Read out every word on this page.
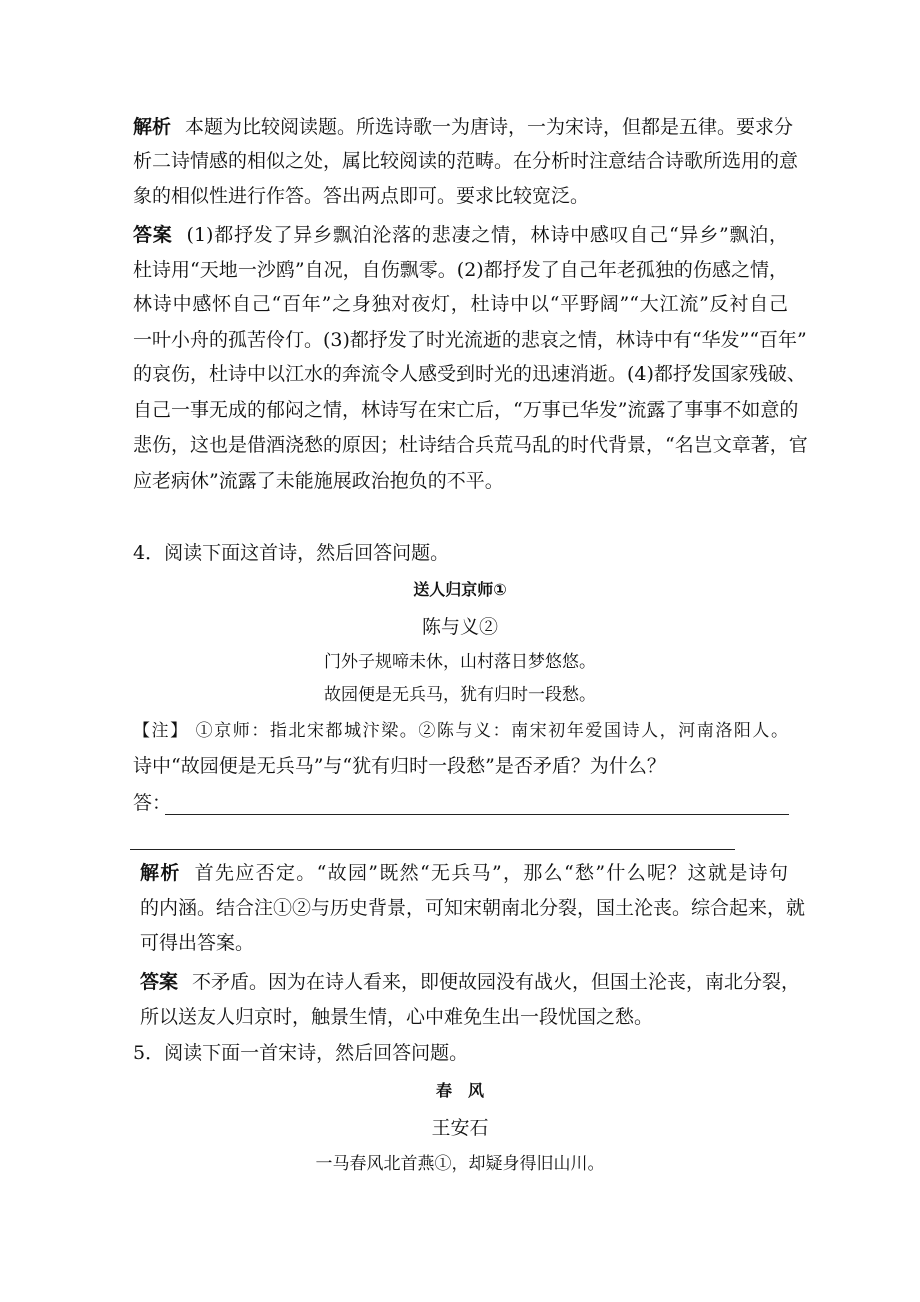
解析 本题为比较阅读题。所选诗歌一为唐诗，一为宋诗，但都是五律。要求分
析二诗情感的相似之处，属比较阅读的范畴。在分析时注意结合诗歌所选用的意
象的相似性进行作答。答出两点即可。要求比较宽泛。
答案 (1)都抒发了异乡飘泊沦落的悲凄之情，林诗中感叹自己“异乡”飘泊，
杜诗用“天地一沙鸥”自况，自伤飘零。(2)都抒发了自己年老孤独的伤感之情，
林诗中感怀自己“百年”之身独对夜灯，杜诗中以“平野阔”“大江流”反衬自己
一叶小舟的孤苦伶仃。(3)都抒发了时光流逝的悲哀之情，林诗中有“华发”“百年”
的哀伤，杜诗中以江水的奔流令人感受到时光的迅速消逝。(4)都抒发国家残破、
自己一事无成的郁闷之情，林诗写在宋亡后，“万事已华发”流露了事事不如意的
悲伤，这也是借酒浇愁的原因；杜诗结合兵荒马乱的时代背景，“名岂文章著，官
应老病休”流露了未能施展政治抱负的不平。
4．阅读下面这首诗，然后回答问题。
送人归京师①
陈与义②
门外子规啼未休，山村落日梦悠悠。
故园便是无兵马，犹有归时一段愁。
【注】 ①京师：指北宋都城汴梁。②陈与义：南宋初年爱国诗人，河南洛阳人。
诗中“故园便是无兵马”与“犹有归时一段愁”是否矛盾？为什么？
答：
解析 首先应否定。“故园”既然“无兵马”，那么“愁”什么呢？这就是诗句
的内涵。结合注①②与历史背景，可知宋朝南北分裂，国土沦丧。综合起来，就
可得出答案。
答案 不矛盾。因为在诗人看来，即便故园没有战火，但国土沦丧，南北分裂，
所以送友人归京时，触景生情，心中难免生出一段忧国之愁。
5．阅读下面一首宋诗，然后回答问题。
春　风
王安石
一马春风北首燕①，却疑身得旧山川。
